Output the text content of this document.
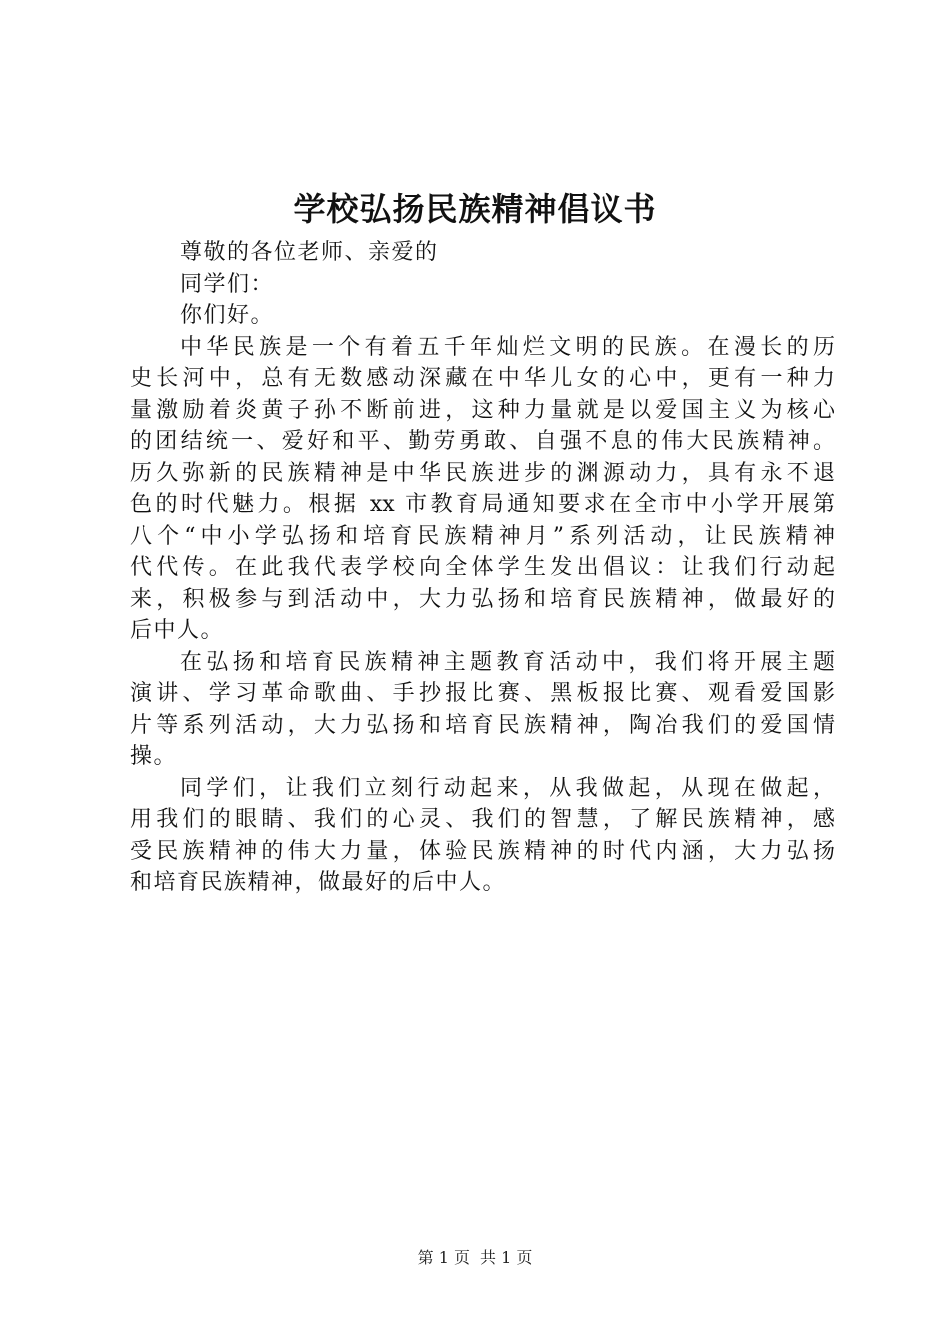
学校弘扬民族精神倡议书
尊敬的各位老师、亲爱的
同学们：
你们好。
中华民族是一个有着五千年灿烂文明的民族。在漫长的历
史长河中，总有无数感动深藏在中华儿女的心中，更有一种力
量激励着炎黄子孙不断前进，这种力量就是以爱国主义为核心
的团结统一、爱好和平、勤劳勇敢、自强不息的伟大民族精神。
历久弥新的民族精神是中华民族进步的渊源动力，具有永不退
色的时代魅力。根据 xx 市教育局通知要求在全市中小学开展第
八个“中小学弘扬和培育民族精神月”系列活动，让民族精神
代代传。在此我代表学校向全体学生发出倡议：让我们行动起
来，积极参与到活动中，大力弘扬和培育民族精神，做最好的
后中人。
在弘扬和培育民族精神主题教育活动中，我们将开展主题
演讲、学习革命歌曲、手抄报比赛、黑板报比赛、观看爱国影
片等系列活动，大力弘扬和培育民族精神，陶冶我们的爱国情
操。
同学们，让我们立刻行动起来，从我做起，从现在做起，
用我们的眼睛、我们的心灵、我们的智慧，了解民族精神，感
受民族精神的伟大力量，体验民族精神的时代内涵，大力弘扬
和培育民族精神，做最好的后中人。
第 1 页 共 1 页
